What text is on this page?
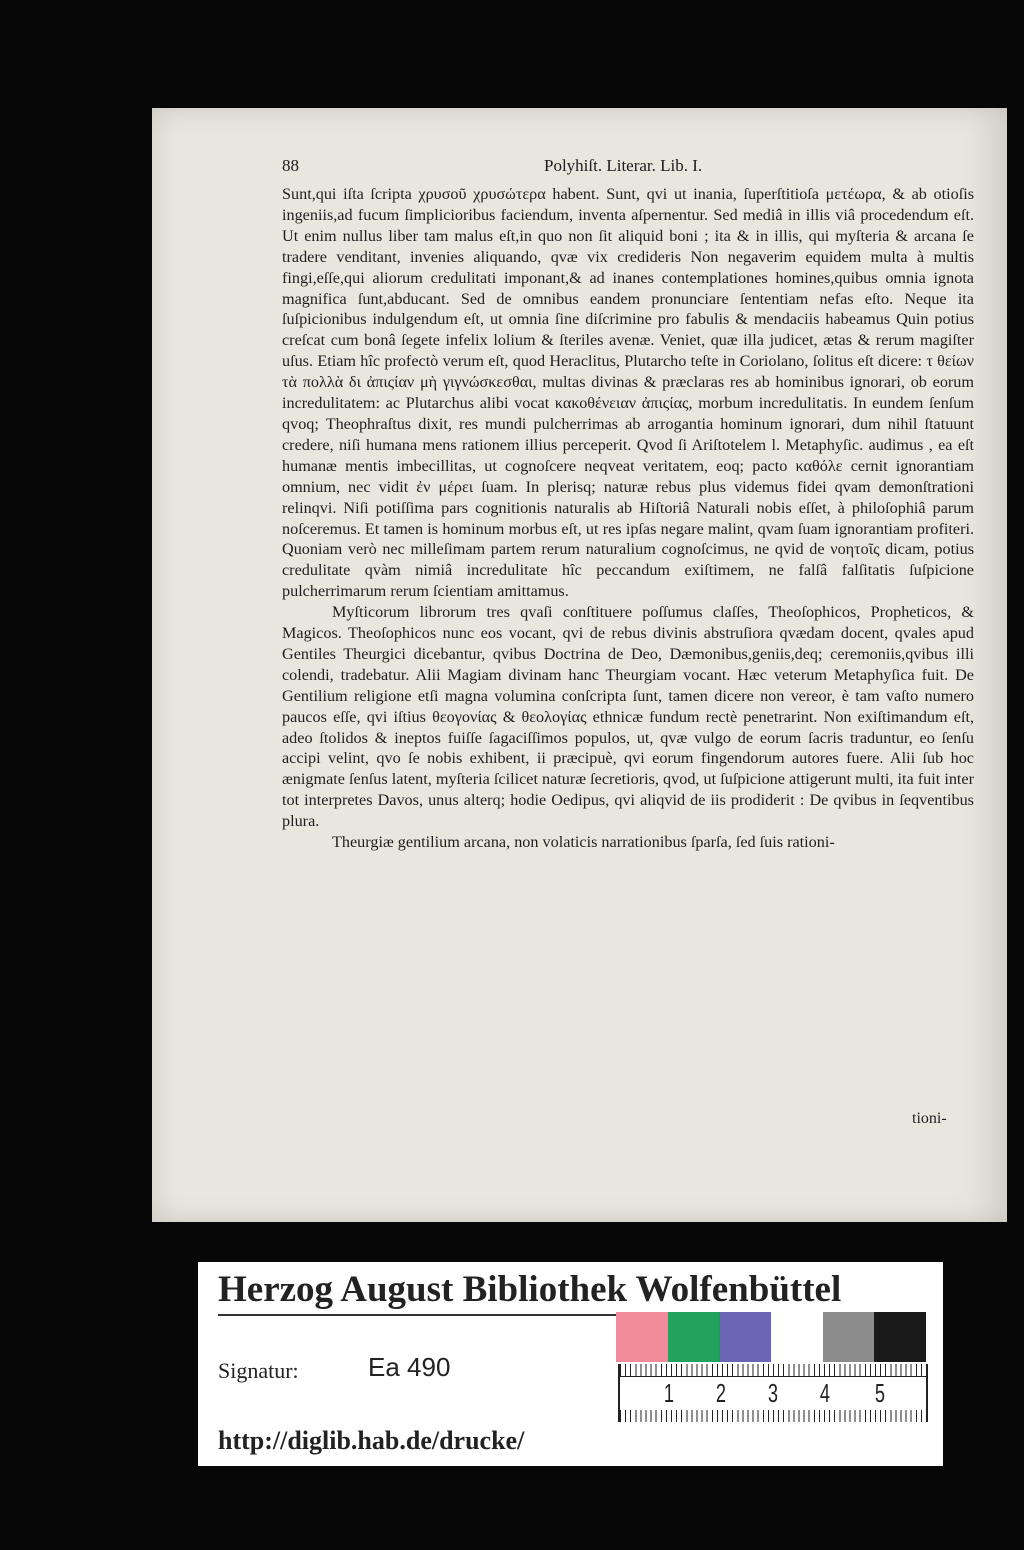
88	Polyhiſt. Literar. Lib. I.

Sunt,qui iſta ſcripta χρυσοῦ χρυσώτερα habent. Sunt, qvi ut inania, ſuperſtitioſa μετέωρα, & ab otioſis ingeniis,ad fucum ſimplicioribus faciendum, inventa aſpernentur. Sed mediâ in illis viâ procedendum eſt. Ut enim nullus liber tam malus eſt,in quo non ſit aliquid boni ; ita & in illis, qui myſteria & arcana ſe tradere venditant, invenies aliquando, qvæ vix credideris Non negaverim equidem multa à multis fingi,eſſe,qui aliorum credulitati imponant,& ad inanes contemplationes homines,quibus omnia ignota magnifica ſunt,abducant. Sed de omnibus eandem pronunciare ſententiam nefas eſto. Neque ita ſuſpicionibus indulgendum eſt, ut omnia ſine diſcrimine pro fabulis & mendaciis habeamus Quin potius creſcat cum bonâ ſegete infelix lolium & ſteriles avenæ. Veniet, quæ illa judicet, ætas & rerum magiſter uſus. Etiam hîc profectò verum eſt, quod Heraclitus, Plutarcho teſte in Coriolano, ſolitus eſt dicere: τ θείων τὰ πολλὰ δι ἀπιςίαν μὴ γιγνώσκεσθαι, multas divinas & præclaras res ab hominibus ignorari, ob eorum incredulitatem: ac Plutarchus alibi vocat κακοθένειαν ἀπιςίας, morbum incredulitatis. In eundem ſenſum qvoq; Theophraſtus dixit, res mundi pulcherrimas ab arrogantia hominum ignorari, dum nihil ſtatuunt credere, niſi humana mens rationem illius perceperit. Qvod ſi Ariſtotelem l. Metaphyſic. audimus , ea eſt humanæ mentis imbecillitas, ut cognoſcere neqveat veritatem, eoq; pacto καθόλε cernit ignorantiam omnium, nec vidit ἐν μέρει ſuam. In plerisq; naturæ rebus plus videmus fidei qvam demonſtrationi relinqvi. Niſi potiſſima pars cognitionis naturalis ab Hiſtoriâ Naturali nobis eſſet, à philoſophiâ parum noſceremus. Et tamen is hominum morbus eſt, ut res ipſas negare malint, qvam ſuam ignorantiam profiteri. Quoniam verò nec milleſimam partem rerum naturalium cognoſcimus, ne qvid de νοητοῖς dicam, potius credulitate qvàm nimiâ incredulitate hîc peccandum exiſtimem, ne falſâ falſitatis ſuſpicione pulcherrimarum rerum ſcientiam amittamus.

Myſticorum librorum tres qvaſi conſtituere poſſumus claſſes, Theoſophicos, Propheticos, & Magicos. Theoſophicos nunc eos vocant, qvi de rebus divinis abstruſiora qvædam docent, qvales apud Gentiles Theurgici dicebantur, qvibus Doctrina de Deo, Dæmonibus,geniis,deq; ceremoniis,qvibus illi colendi, tradebatur. Alii Magiam divinam hanc Theurgiam vocant. Hæc veterum Metaphyſica fuit. De Gentilium religione etſi magna volumina conſcripta ſunt, tamen dicere non vereor, è tam vaſto numero paucos eſſe, qvi iſtius θεογονίας & θεολογίας ethnicæ fundum rectè penetrarint. Non exiſtimandum eſt, adeo ſtolidos & ineptos fuiſſe ſagaciſſimos populos, ut, qvæ vulgo de eorum ſacris traduntur, eo ſenſu accipi velint, qvo ſe nobis exhibent, ii præcipuè, qvi eorum fingendorum autores fuere. Alii ſub hoc ænigmate ſenſus latent, myſteria ſcilicet naturæ ſecretioris, qvod, ut ſuſpicione attigerunt multi, ita fuit inter tot interpretes Davos, unus alterq; hodie Oedipus, qvi aliqvid de iis prodiderit : De qvibus in ſeqventibus plura.

Theurgiæ gentilium arcana, non volaticis narrationibus ſparſa, ſed ſuis rationi-

tioni-
Herzog August Bibliothek Wolfenbüttel
1 2 3 4 5
Signatur:	Ea 490
http://diglib.hab.de/drucke/
